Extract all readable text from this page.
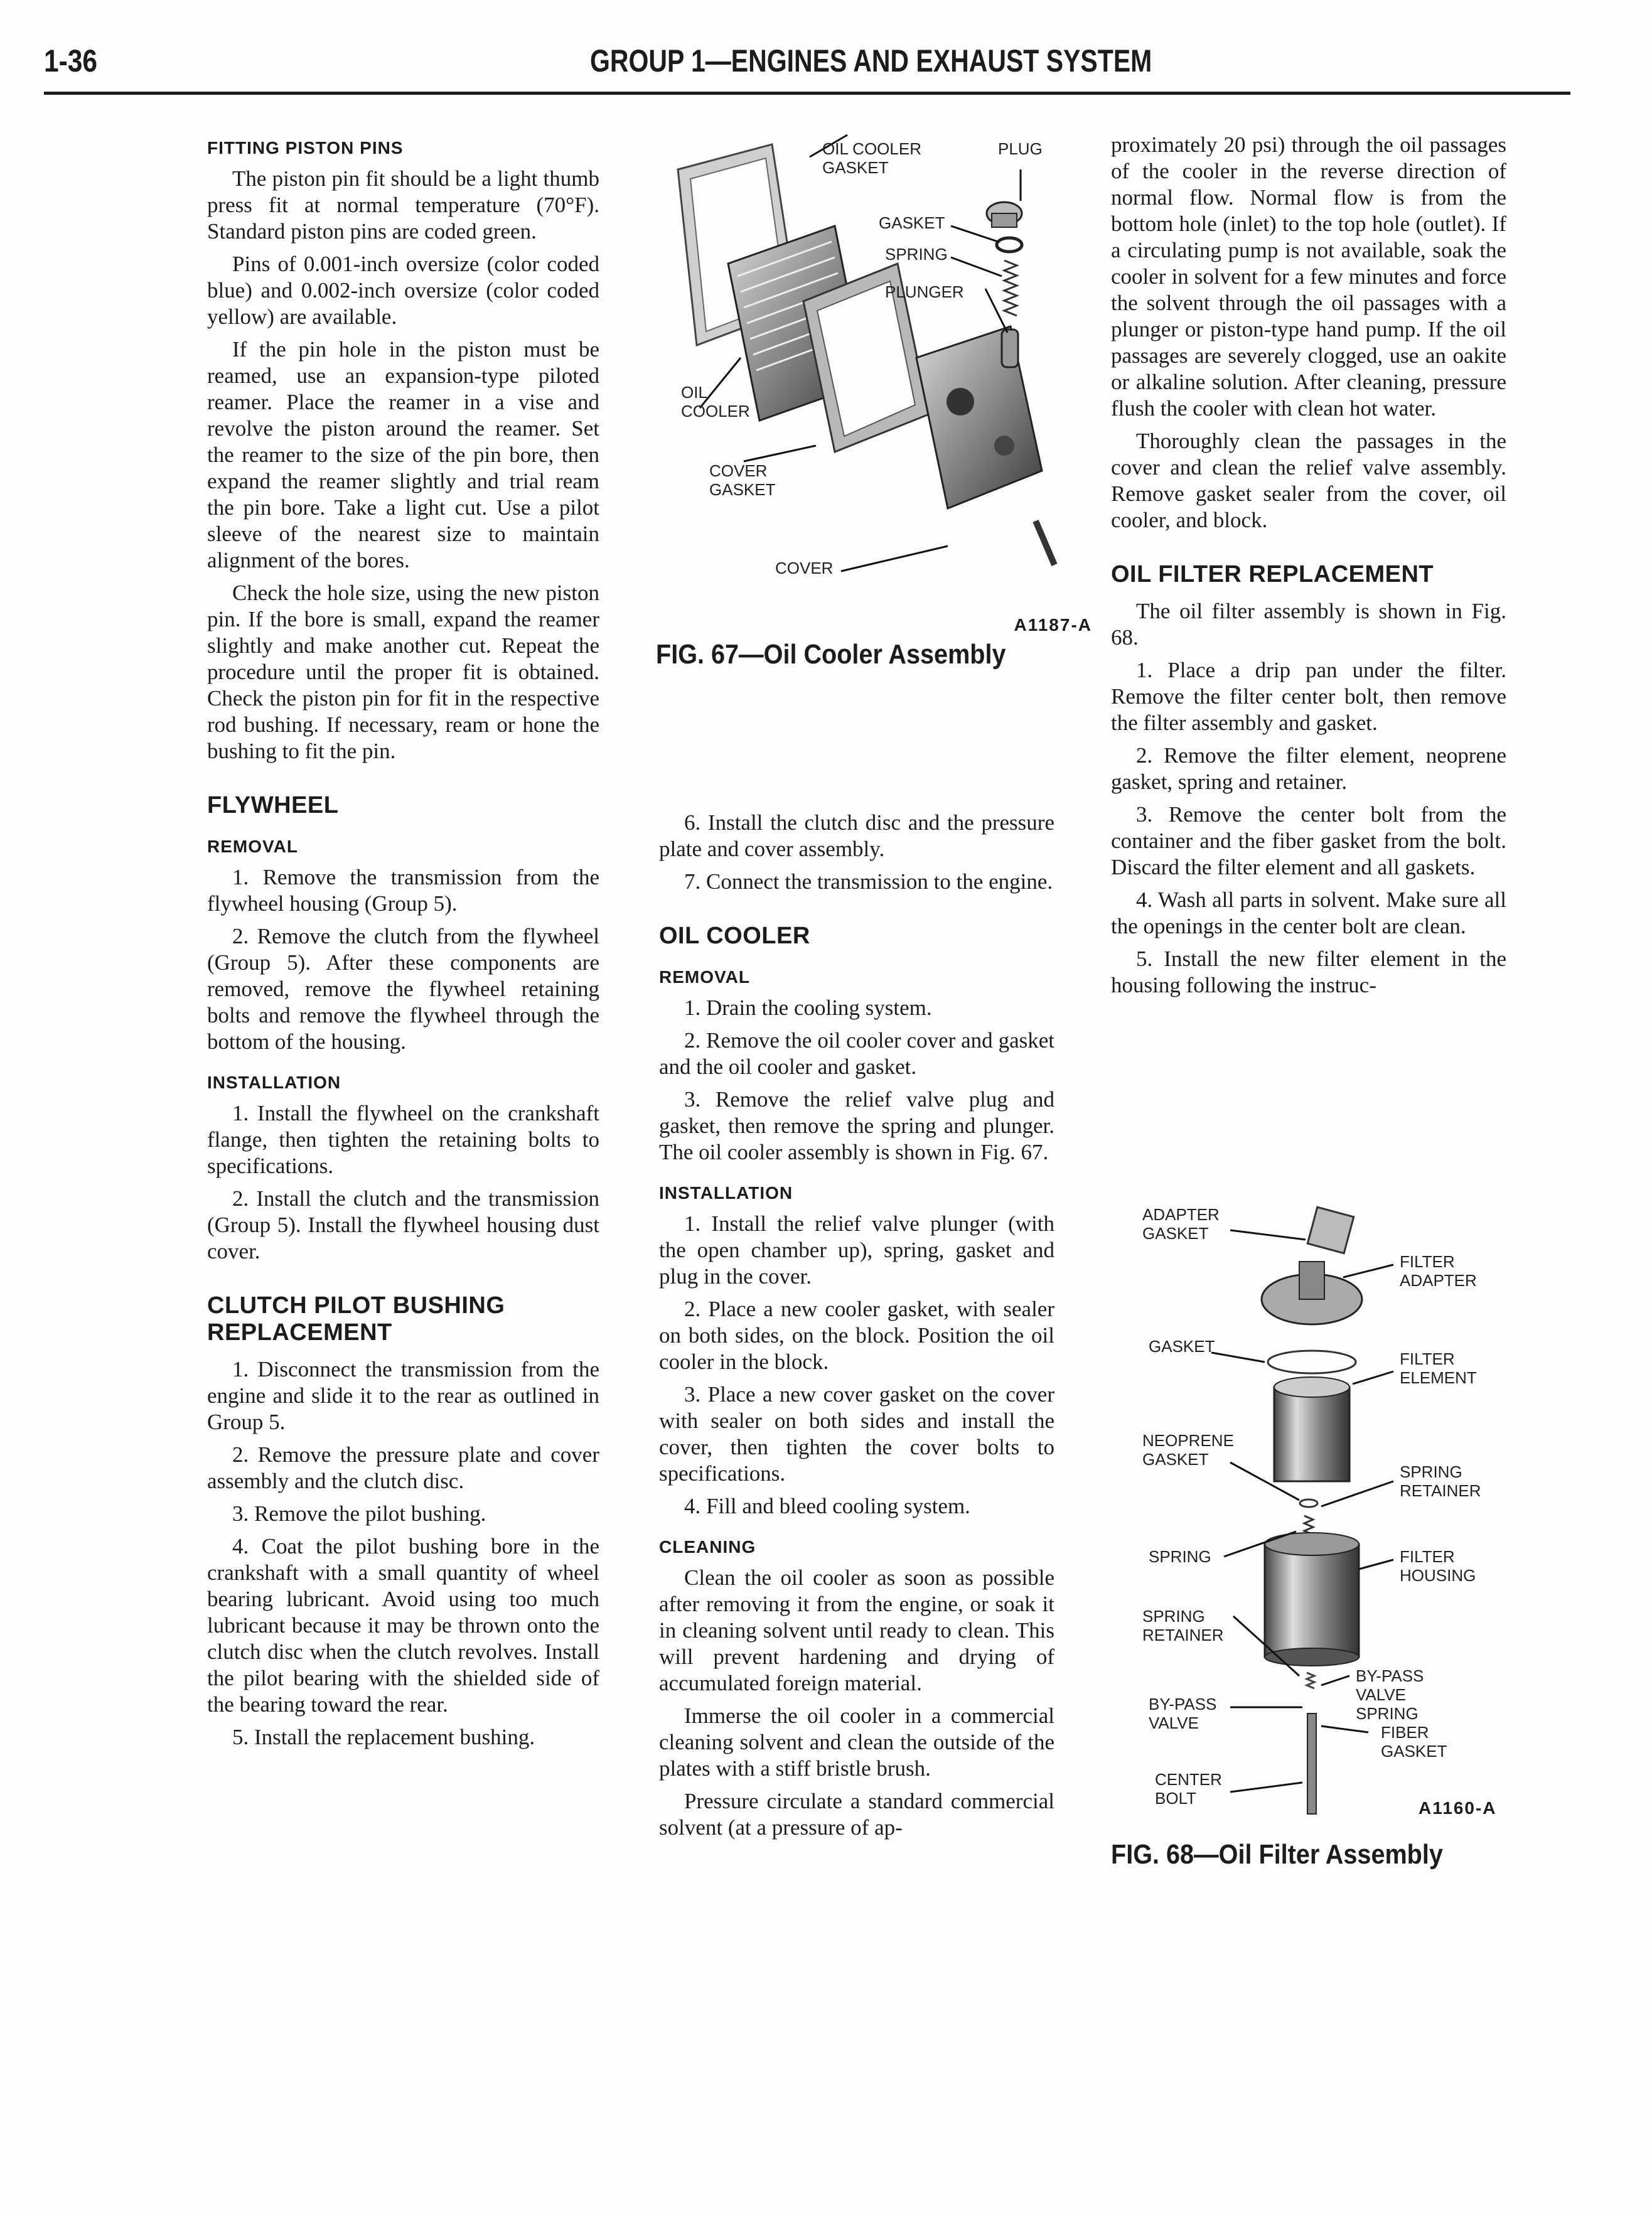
1-36	GROUP 1—ENGINES AND EXHAUST SYSTEM
FITTING PISTON PINS

The piston pin fit should be a light thumb press fit at normal temperature (70°F). Standard piston pins are coded green.

Pins of 0.001-inch oversize (color coded blue) and 0.002-inch oversize (color coded yellow) are available.

If the pin hole in the piston must be reamed, use an expansion-type piloted reamer. Place the reamer in a vise and revolve the piston around the reamer. Set the reamer to the size of the pin bore, then expand the reamer slightly and trial ream the pin bore. Take a light cut. Use a pilot sleeve of the nearest size to maintain alignment of the bores.

Check the hole size, using the new piston pin. If the bore is small, expand the reamer slightly and make another cut. Repeat the procedure until the proper fit is obtained. Check the piston pin for fit in the respective rod bushing. If necessary, ream or hone the bushing to fit the pin.

FLYWHEEL
REMOVAL

1. Remove the transmission from the flywheel housing (Group 5).

2. Remove the clutch from the flywheel (Group 5). After these components are removed, remove the flywheel retaining bolts and remove the flywheel through the bottom of the housing.

INSTALLATION

1. Install the flywheel on the crankshaft flange, then tighten the retaining bolts to specifications.

2. Install the clutch and the transmission (Group 5). Install the flywheel housing dust cover.

CLUTCH PILOT BUSHING REPLACEMENT

1. Disconnect the transmission from the engine and slide it to the rear as outlined in Group 5.

2. Remove the pressure plate and cover assembly and the clutch disc.

3. Remove the pilot bushing.

4. Coat the pilot bushing bore in the crankshaft with a small quantity of wheel bearing lubricant. Avoid using too much lubricant because it may be thrown onto the clutch disc when the clutch revolves. Install the pilot bearing with the shielded side of the bearing toward the rear.

5. Install the replacement bushing.

OIL COOLER GASKET
PLUG
GASKET
SPRING
PLUNGER
OIL COOLER
COVER GASKET
COVER
A1187-A
FIG. 67—Oil Cooler Assembly

6. Install the clutch disc and the pressure plate and cover assembly.

7. Connect the transmission to the engine.

OIL COOLER
REMOVAL

1. Drain the cooling system.

2. Remove the oil cooler cover and gasket and the oil cooler and gasket.

3. Remove the relief valve plug and gasket, then remove the spring and plunger. The oil cooler assembly is shown in Fig. 67.

INSTALLATION

1. Install the relief valve plunger (with the open chamber up), spring, gasket and plug in the cover.

2. Place a new cooler gasket, with sealer on both sides, on the block. Position the oil cooler in the block.

3. Place a new cover gasket on the cover with sealer on both sides and install the cover, then tighten the cover bolts to specifications.

4. Fill and bleed cooling system.

CLEANING

Clean the oil cooler as soon as possible after removing it from the engine, or soak it in cleaning solvent until ready to clean. This will prevent hardening and drying of accumulated foreign material.

Immerse the oil cooler in a commercial cleaning solvent and clean the outside of the plates with a stiff bristle brush.

Pressure circulate a standard commercial solvent (at a pressure of ap-

proximately 20 psi) through the oil passages of the cooler in the reverse direction of normal flow. Normal flow is from the bottom hole (inlet) to the top hole (outlet). If a circulating pump is not available, soak the cooler in solvent for a few minutes and force the solvent through the oil passages with a plunger or piston-type hand pump. If the oil passages are severely clogged, use an oakite or alkaline solution. After cleaning, pressure flush the cooler with clean hot water.

Thoroughly clean the passages in the cover and clean the relief valve assembly. Remove gasket sealer from the cover, oil cooler, and block.

OIL FILTER REPLACEMENT

The oil filter assembly is shown in Fig. 68.

1. Place a drip pan under the filter. Remove the filter center bolt, then remove the filter assembly and gasket.

2. Remove the filter element, neoprene gasket, spring and retainer.

3. Remove the center bolt from the container and the fiber gasket from the bolt. Discard the filter element and all gaskets.

4. Wash all parts in solvent. Make sure all the openings in the center bolt are clean.

5. Install the new filter element in the housing following the instruc-

ADAPTER GASKET
FILTER ADAPTER
GASKET
FILTER ELEMENT
NEOPRENE GASKET
SPRING RETAINER
SPRING	FILTER HOUSING
SPRING RETAINER
BY-PASS VALVE SPRING
BY-PASS VALVE	FIBER GASKET
CENTER BOLT	A1160-A
FIG. 68—Oil Filter Assembly
